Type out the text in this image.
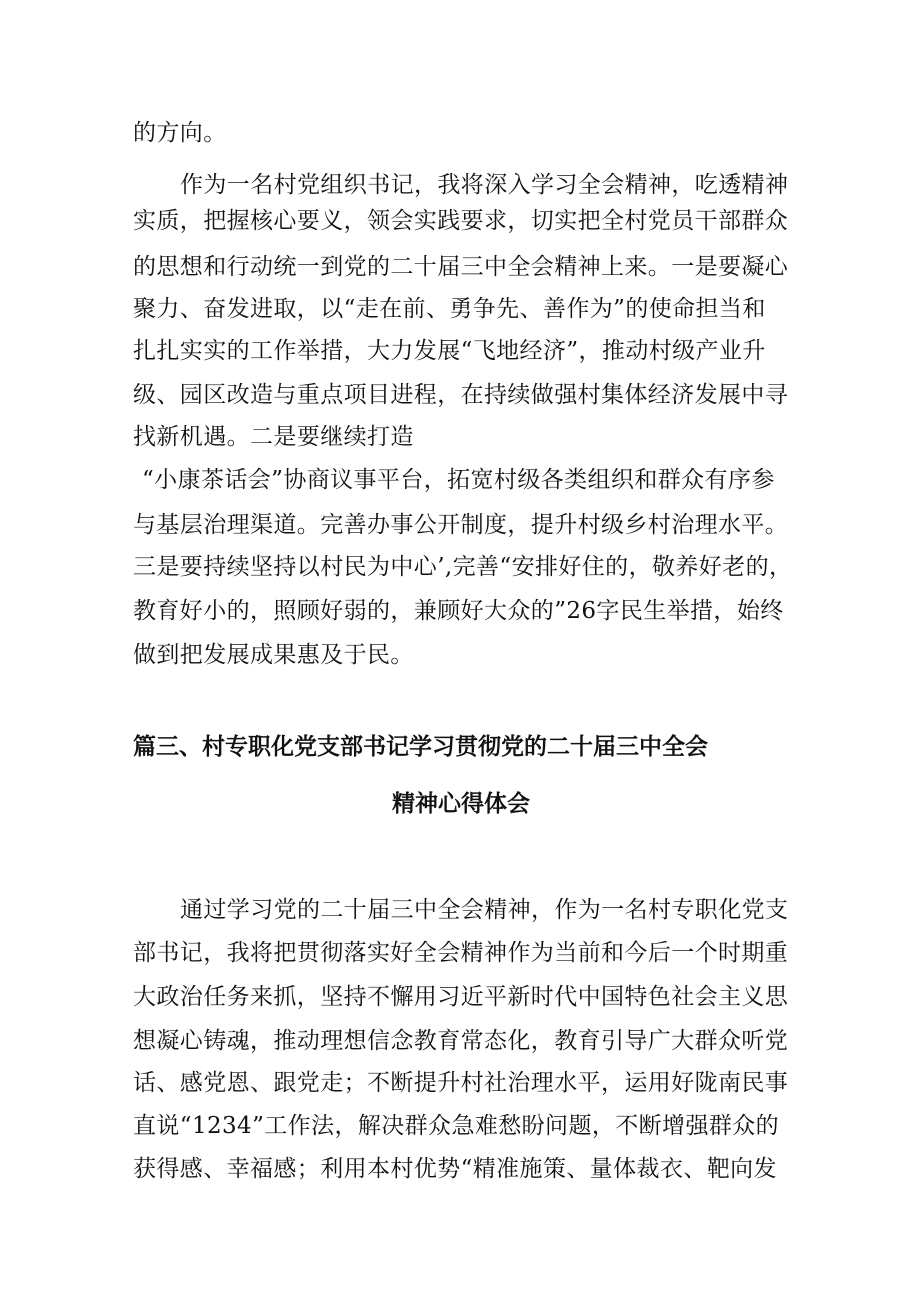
的方向。
作为一名村党组织书记，我将深入学习全会精神，吃透精神
实质，把握核心要义，领会实践要求，切实把全村党员干部群众
的思想和行动统一到党的二十届三中全会精神上来。一是要凝心
聚力、奋发进取，以“走在前、勇争先、善作为”的使命担当和
扎扎实实的工作举措，大力发展“飞地经济”，推动村级产业升
级、园区改造与重点项目进程，在持续做强村集体经济发展中寻
找新机遇。二是要继续打造
“小康茶话会”协商议事平台，拓宽村级各类组织和群众有序参
与基层治理渠道。完善办事公开制度，提升村级乡村治理水平。
三是要持续坚持以村民为中心’,完善“安排好住的，敬养好老的，
教育好小的，照顾好弱的，兼顾好大众的”26字民生举措，始终
做到把发展成果惠及于民。
篇三、村专职化党支部书记学习贯彻党的二十届三中全会
精神心得体会
通过学习党的二十届三中全会精神，作为一名村专职化党支
部书记，我将把贯彻落实好全会精神作为当前和今后一个时期重
大政治任务来抓，坚持不懈用习近平新时代中国特色社会主义思
想凝心铸魂，推动理想信念教育常态化，教育引导广大群众听党
话、感党恩、跟党走；不断提升村社治理水平，运用好陇南民事
直说“1234”工作法，解决群众急难愁盼问题，不断增强群众的
获得感、幸福感；利用本村优势“精准施策、量体裁衣、靶向发
